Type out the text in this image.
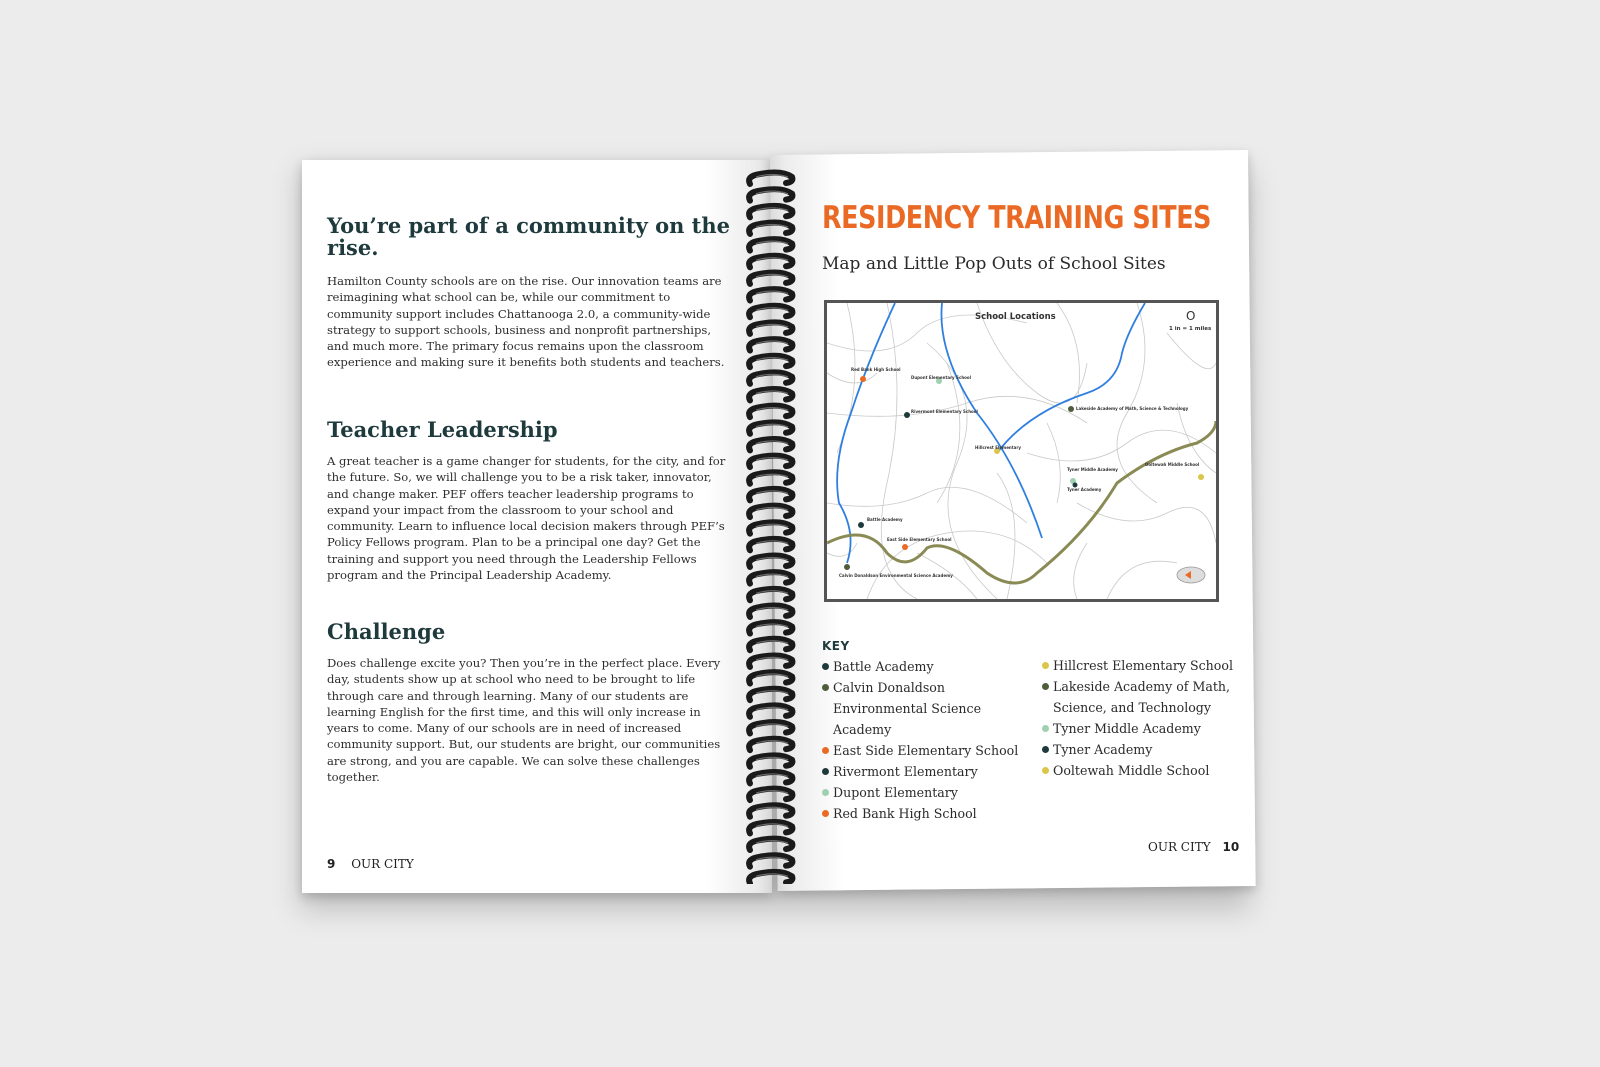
You’re part of a community on the rise.

Hamilton County schools are on the rise. Our innovation teams are reimagining what school can be, while our commitment to community support includes Chattanooga 2.0, a community-wide strategy to support schools, business and nonprofit partnerships, and much more. The primary focus remains upon the classroom experience and making sure it benefits both students and teachers.

Teacher Leadership

A great teacher is a game changer for students, for the city, and for the future. So, we will challenge you to be a risk taker, innovator, and change maker. PEF offers teacher leadership programs to expand your impact from the classroom to your school and community. Learn to influence local decision makers through PEF’s Policy Fellows program. Plan to be a principal one day? Get the training and support you need through the Leadership Fellows program and the Principal Leadership Academy.

Challenge

Does challenge excite you? Then you’re in the perfect place. Every day, students show up at school who need to be brought to life through care and through learning. Many of our students are learning English for the first time, and this will only increase in years to come. Many of our schools are in need of increased community support. But, our students are bright, our communities are strong, and you are capable. We can solve these challenges together.

9 OUR CITY
RESIDENCY TRAINING SITES

Map and Little Pop Outs of School Sites

School Locations	O
1 in = 1 miles
Red Bank High School
Dupont Elementary School
Rivermont Elementary School
Lakeside Academy of Math, Science & Technology
Hillcrest Elementary
Tyner Middle Academy
Tyner Academy
Ooltewah Middle School
Battle Academy
East Side Elementary School
Calvin Donaldson Environmental Science Academy
KEY
Battle Academy
Calvin Donaldson Environmental Science Academy
East Side Elementary School
Rivermont Elementary
Dupont Elementary
Red Bank High School
Hillcrest Elementary School
Lakeside Academy of Math, Science, and Technology
Tyner Middle Academy
Tyner Academy
Ooltewah Middle School
OUR CITY 10
